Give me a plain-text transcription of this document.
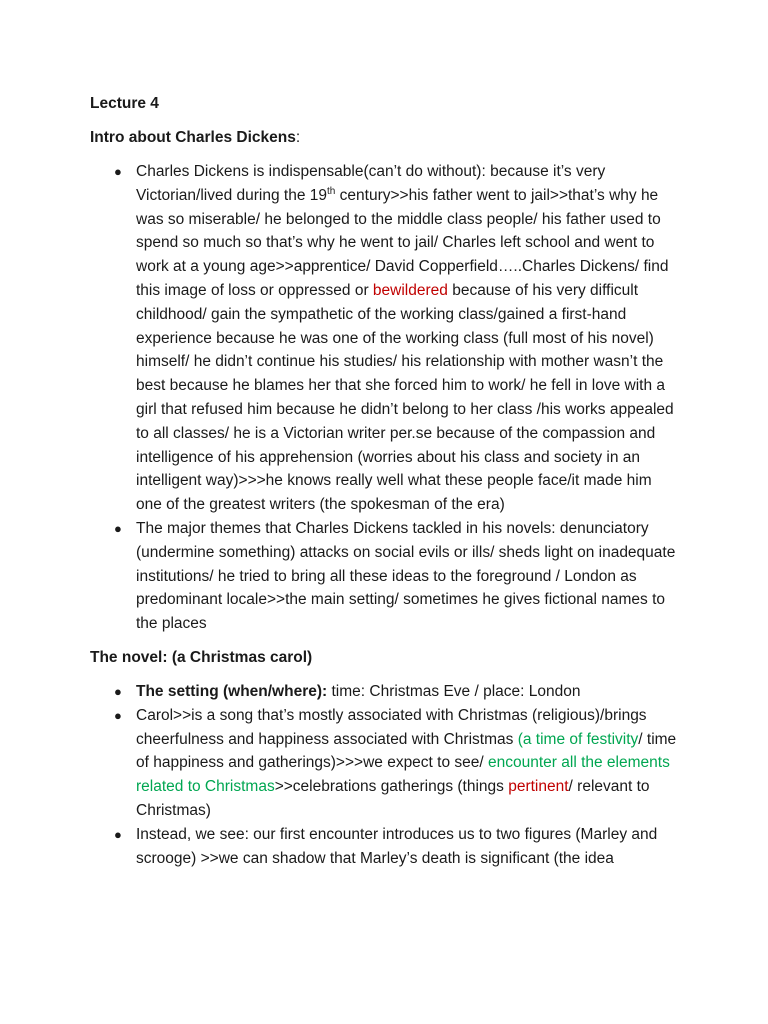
Lecture 4
Intro about Charles Dickens:
● Charles Dickens is indispensable(can’t do without): because it’s very Victorian/lived during the 19th century>>his father went to jail>>that’s why he was so miserable/ he belonged to the middle class people/ his father used to spend so much so that’s why he went to jail/ Charles left school and went to work at a young age>>apprentice/ David Copperfield…..Charles Dickens/ find this image of loss or oppressed or bewildered because of his very difficult childhood/ gain the sympathetic of the working class/gained a first-hand experience because he was one of the working class (full most of his novel) himself/ he didn’t continue his studies/ his relationship with mother wasn’t the best because he blames her that she forced him to work/ he fell in love with a girl that refused him because he didn’t belong to her class /his works appealed to all classes/ he is a Victorian writer per.se because of the compassion and intelligence of his apprehension (worries about his class and society in an intelligent way)>>>he knows really well what these people face/it made him one of the greatest writers (the spokesman of the era)
● The major themes that Charles Dickens tackled in his novels: denunciatory (undermine something) attacks on social evils or ills/ sheds light on inadequate institutions/ he tried to bring all these ideas to the foreground / London as predominant locale>>the main setting/ sometimes he gives fictional names to the places
The novel: (a Christmas carol)
● The setting (when/where): time: Christmas Eve / place: London
● Carol>>is a song that’s mostly associated with Christmas (religious)/brings cheerfulness and happiness associated with Christmas (a time of festivity/ time of happiness and gatherings)>>>we expect to see/ encounter all the elements related to Christmas>>celebrations gatherings (things pertinent/ relevant to Christmas)
● Instead, we see: our first encounter introduces us to two figures (Marley and scrooge) >>we can shadow that Marley’s death is significant (the idea
